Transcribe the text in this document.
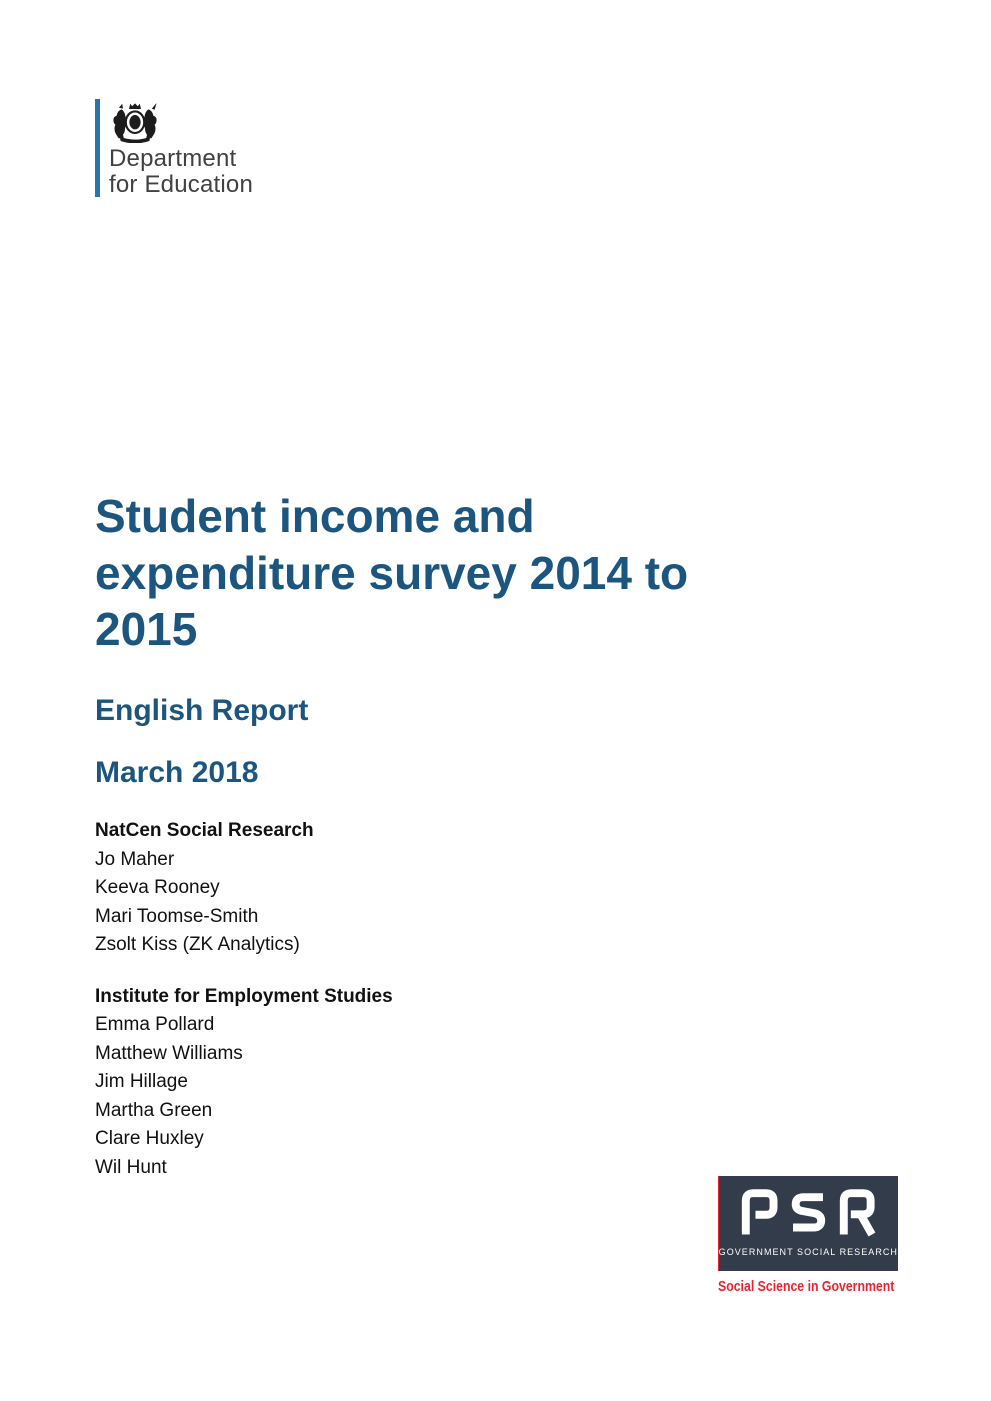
Department
for Education
Student income and
expenditure survey 2014 to
2015
English Report
March 2018
NatCen Social Research
Jo Maher
Keeva Rooney
Mari Toomse-Smith
Zsolt Kiss (ZK Analytics)
Institute for Employment Studies
Emma Pollard
Matthew Williams
Jim Hillage
Martha Green
Clare Huxley
Wil Hunt
GOVERNMENT SOCIAL RESEARCH
Social Science in Government
